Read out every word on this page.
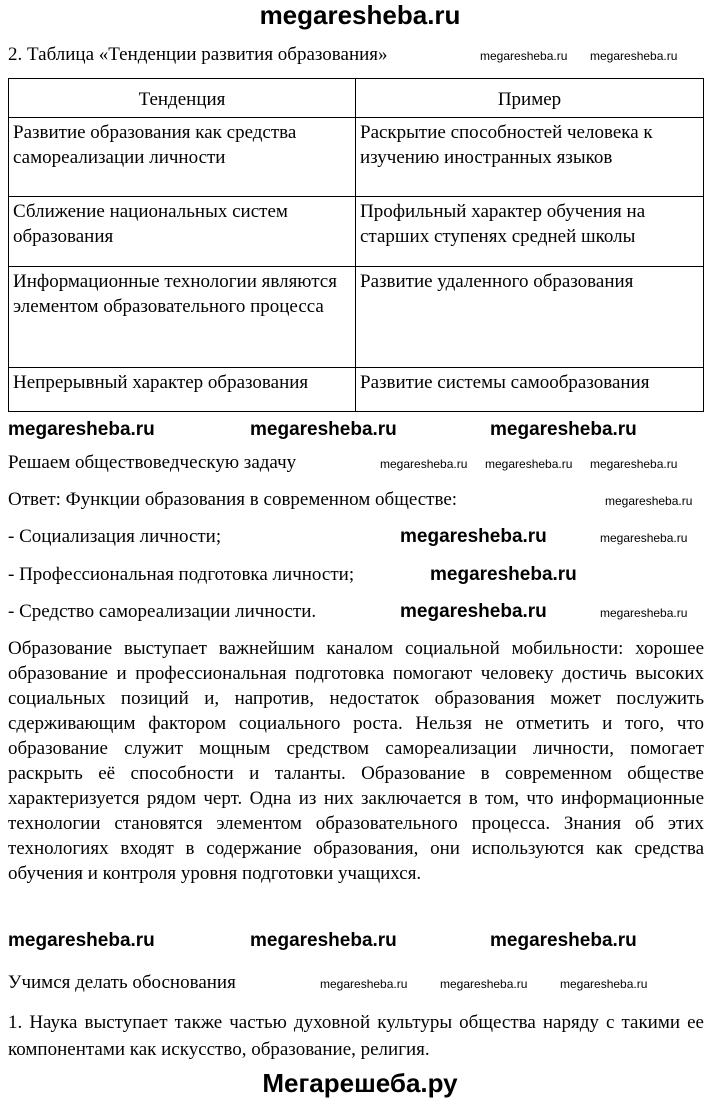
megaresheba.ru
2. Таблица «Тенденции развития образования»
Тенденция	Пример
Развитие образования как средства самореализации личности	Раскрытие способностей человека к изучению иностранных языков
Сближение национальных систем образования	Профильный характер обучения на старших ступенях средней школы
Информационные технологии являются элементом образовательного процесса	Развитие удаленного образования
Непрерывный характер образования	Развитие системы самообразования
Решаем обществоведческую задачу
Ответ: Функции образования в современном обществе:
- Социализация личности;
- Профессиональная подготовка личности;
- Средство самореализации личности.
Образование выступает важнейшим каналом социальной мобильности: хорошее образование и профессиональная подготовка помогают человеку достичь высоких социальных позиций и, напротив, недостаток образования может послужить сдерживающим фактором социального роста. Нельзя не отметить и того, что образование служит мощным средством самореализации личности, помогает раскрыть её способности и таланты. Образование в современном обществе характеризуется рядом черт. Одна из них заключается в том, что информационные технологии становятся элементом образовательного процесса. Знания об этих технологиях входят в содержание образования, они используются как средства обучения и контроля уровня подготовки учащихся.
Учимся делать обоснования
1. Наука выступает также частью духовной культуры общества наряду с такими ее компонентами как искусство, образование, религия.
Мегарешеба.ру
megaresheba.ru	megaresheba.ru	megaresheba.ru
megaresheba.ru
megaresheba.ru
megaresheba.ru
megaresheba.ru	megaresheba.ru	megaresheba.ru
megaresheba.ru megaresheba.ru
megaresheba.ru megaresheba.ru megaresheba.ru
megaresheba.ru
megaresheba.ru
megaresheba.ru
megaresheba.ru	megaresheba.ru	megaresheba.ru
